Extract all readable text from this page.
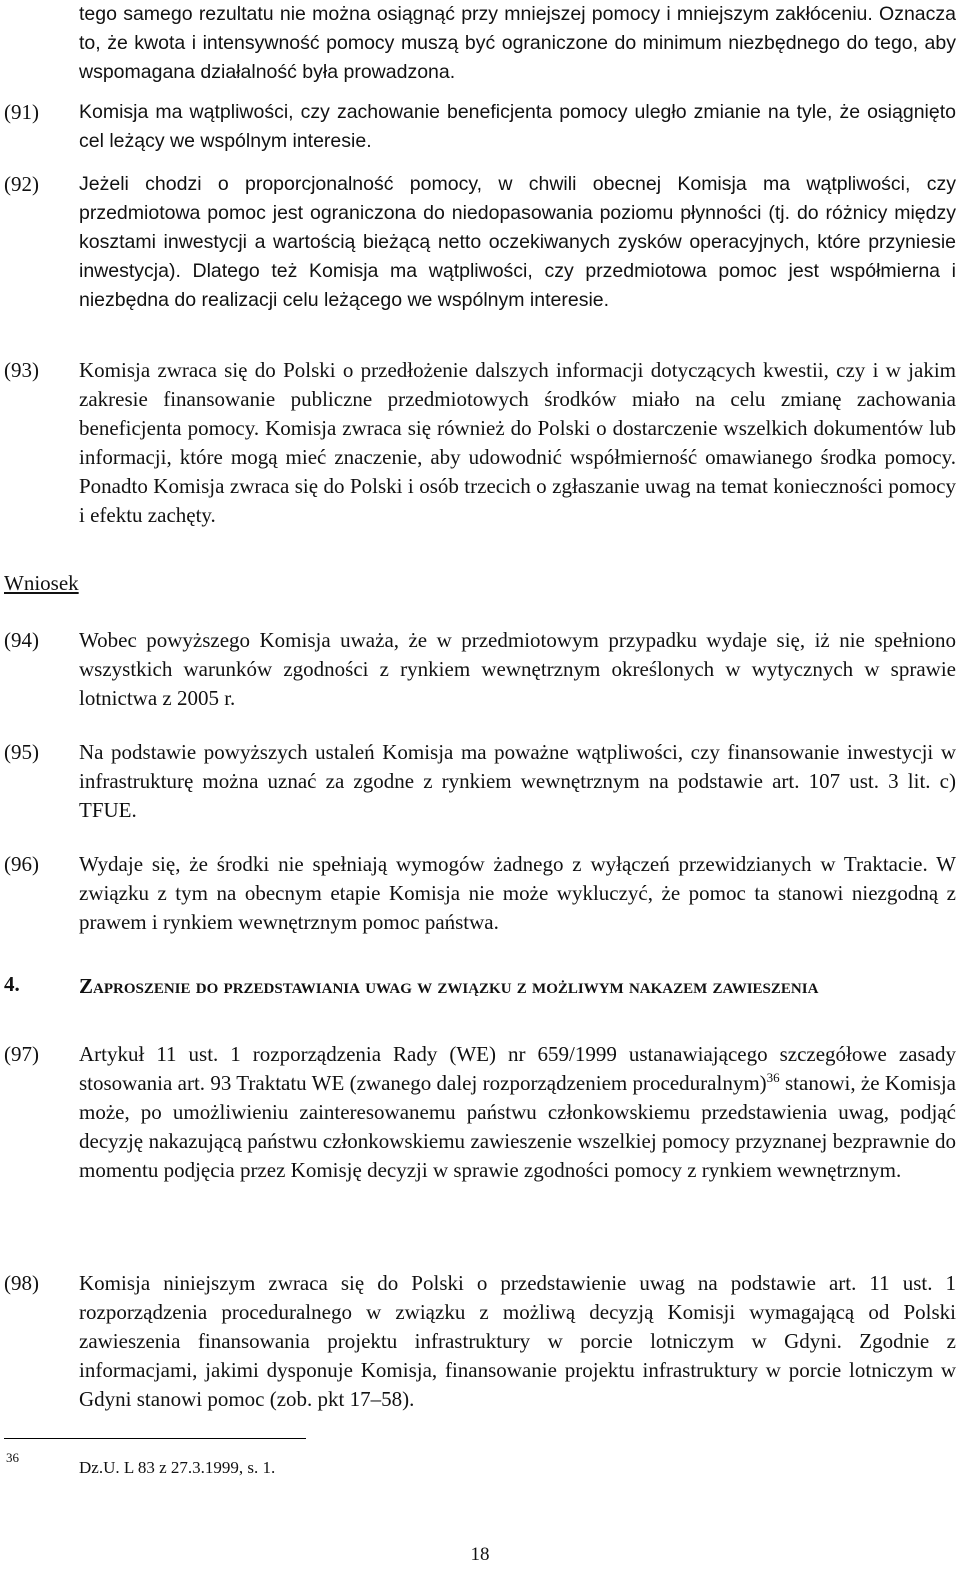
tego samego rezultatu nie można osiągnąć przy mniejszej pomocy i mniejszym zakłóceniu. Oznacza to, że kwota i intensywność pomocy muszą być ograniczone do minimum niezbędnego do tego, aby wspomagana działalność była prowadzona.
(91) Komisja ma wątpliwości, czy zachowanie beneficjenta pomocy uległo zmianie na tyle, że osiągnięto cel leżący we wspólnym interesie.
(92) Jeżeli chodzi o proporcjonalność pomocy, w chwili obecnej Komisja ma wątpliwości, czy przedmiotowa pomoc jest ograniczona do niedopasowania poziomu płynności (tj. do różnicy między kosztami inwestycji a wartością bieżącą netto oczekiwanych zysków operacyjnych, które przyniesie inwestycja). Dlatego też Komisja ma wątpliwości, czy przedmiotowa pomoc jest współmierna i niezbędna do realizacji celu leżącego we wspólnym interesie.
(93) Komisja zwraca się do Polski o przedłożenie dalszych informacji dotyczących kwestii, czy i w jakim zakresie finansowanie publiczne przedmiotowych środków miało na celu zmianę zachowania beneficjenta pomocy. Komisja zwraca się również do Polski o dostarczenie wszelkich dokumentów lub informacji, które mogą mieć znaczenie, aby udowodnić współmierność omawianego środka pomocy. Ponadto Komisja zwraca się do Polski i osób trzecich o zgłaszanie uwag na temat konieczności pomocy i efektu zachęty.
Wniosek
(94) Wobec powyższego Komisja uważa, że w przedmiotowym przypadku wydaje się, iż nie spełniono wszystkich warunków zgodności z rynkiem wewnętrznym określonych w wytycznych w sprawie lotnictwa z 2005 r.
(95) Na podstawie powyższych ustaleń Komisja ma poważne wątpliwości, czy finansowanie inwestycji w infrastrukturę można uznać za zgodne z rynkiem wewnętrznym na podstawie art. 107 ust. 3 lit. c) TFUE.
(96) Wydaje się, że środki nie spełniają wymogów żadnego z wyłączeń przewidzianych w Traktacie. W związku z tym na obecnym etapie Komisja nie może wykluczyć, że pomoc ta stanowi niezgodną z prawem i rynkiem wewnętrznym pomoc państwa.
4.	Zaproszenie do przedstawiania uwag w związku z możliwym nakazem zawieszenia
(97) Artykuł 11 ust. 1 rozporządzenia Rady (WE) nr 659/1999 ustanawiającego szczegółowe zasady stosowania art. 93 Traktatu WE (zwanego dalej rozporządzeniem proceduralnym)$^{36}$ stanowi, że Komisja może, po umożliwieniu zainteresowanemu państwu członkowskiemu przedstawienia uwag, podjąć decyzję nakazującą państwu członkowskiemu zawieszenie wszelkiej pomocy przyznanej bezprawnie do momentu podjęcia przez Komisję decyzji w sprawie zgodności pomocy z rynkiem wewnętrznym.
(98) Komisja niniejszym zwraca się do Polski o przedstawienie uwag na podstawie art. 11 ust. 1 rozporządzenia proceduralnego w związku z możliwą decyzją Komisji wymagającą od Polski zawieszenia finansowania projektu infrastruktury w porcie lotniczym w Gdyni. Zgodnie z informacjami, jakimi dysponuje Komisja, finansowanie projektu infrastruktury w porcie lotniczym w Gdyni stanowi pomoc (zob. pkt 17–58).
36
Dz.U. L 83 z 27.3.1999, s. 1.
18
